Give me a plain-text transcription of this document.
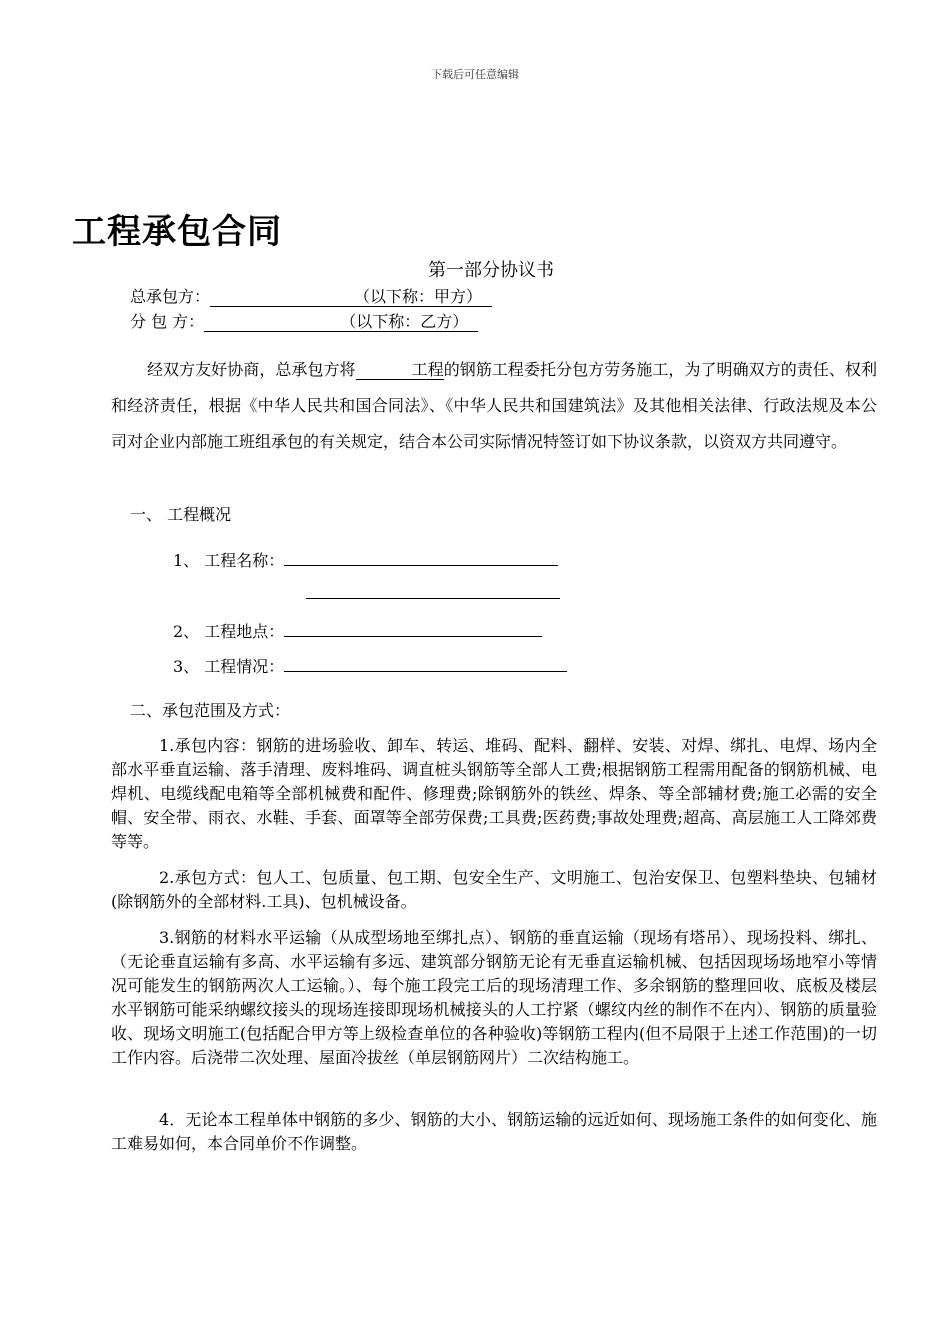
下载后可任意编辑
工程承包合同
第一部分协议书
总承包方：	（以下称：甲方）
分 包 方：	（以下称：乙方）
经双方友好协商，总承包方将       	工程的钢筋工程委托分包方劳务施工，为了明确双方的责任、权利和经济责任，根据《中华人民共和国合同法》、《中华人民共和国建筑法》及其他相关法律、行政法规及本公司对企业内部施工班组承包的有关规定，结合本公司实际情况特签订如下协议条款，以资双方共同遵守。
一、 工程概况
1、 工程名称：
2、 工程地点：
3、 工程情况：
二、承包范围及方式：
1.承包内容：钢筋的进场验收、卸车、转运、堆码、配料、翻样、安装、对焊、绑扎、电焊、场内全部水平垂直运输、落手清理、废料堆码、调直桩头钢筋等全部人工费;根据钢筋工程需用配备的钢筋机械、电焊机、电缆线配电箱等全部机械费和配件、修理费;除钢筋外的铁丝、焊条、等全部辅材费;施工必需的安全帽、安全带、雨衣、水鞋、手套、面罩等全部劳保费;工具费;医药费;事故处理费;超高、高层施工人工降郊费等等。
2.承包方式：包人工、包质量、包工期、包安全生产、文明施工、包治安保卫、包塑料垫块、包辅材(除钢筋外的全部材料.工具)、包机械设备。
3.钢筋的材料水平运输（从成型场地至绑扎点）、钢筋的垂直运输（现场有塔吊）、现场投料、绑扎、（无论垂直运输有多高、水平运输有多远、建筑部分钢筋无论有无垂直运输机械、包括因现场场地窄小等情况可能发生的钢筋两次人工运输。）、每个施工段完工后的现场清理工作、多余钢筋的整理回收、底板及楼层水平钢筋可能采纳螺纹接头的现场连接即现场机械接头的人工拧紧（螺纹内丝的制作不在内）、钢筋的质量验收、现场文明施工(包括配合甲方等上级检查单位的各种验收)等钢筋工程内(但不局限于上述工作范围)的一切工作内容。后浇带二次处理、屋面冷拔丝（单层钢筋网片）二次结构施工。
4．无论本工程单体中钢筋的多少、钢筋的大小、钢筋运输的远近如何、现场施工条件的如何变化、施工难易如何，本合同单价不作调整。
